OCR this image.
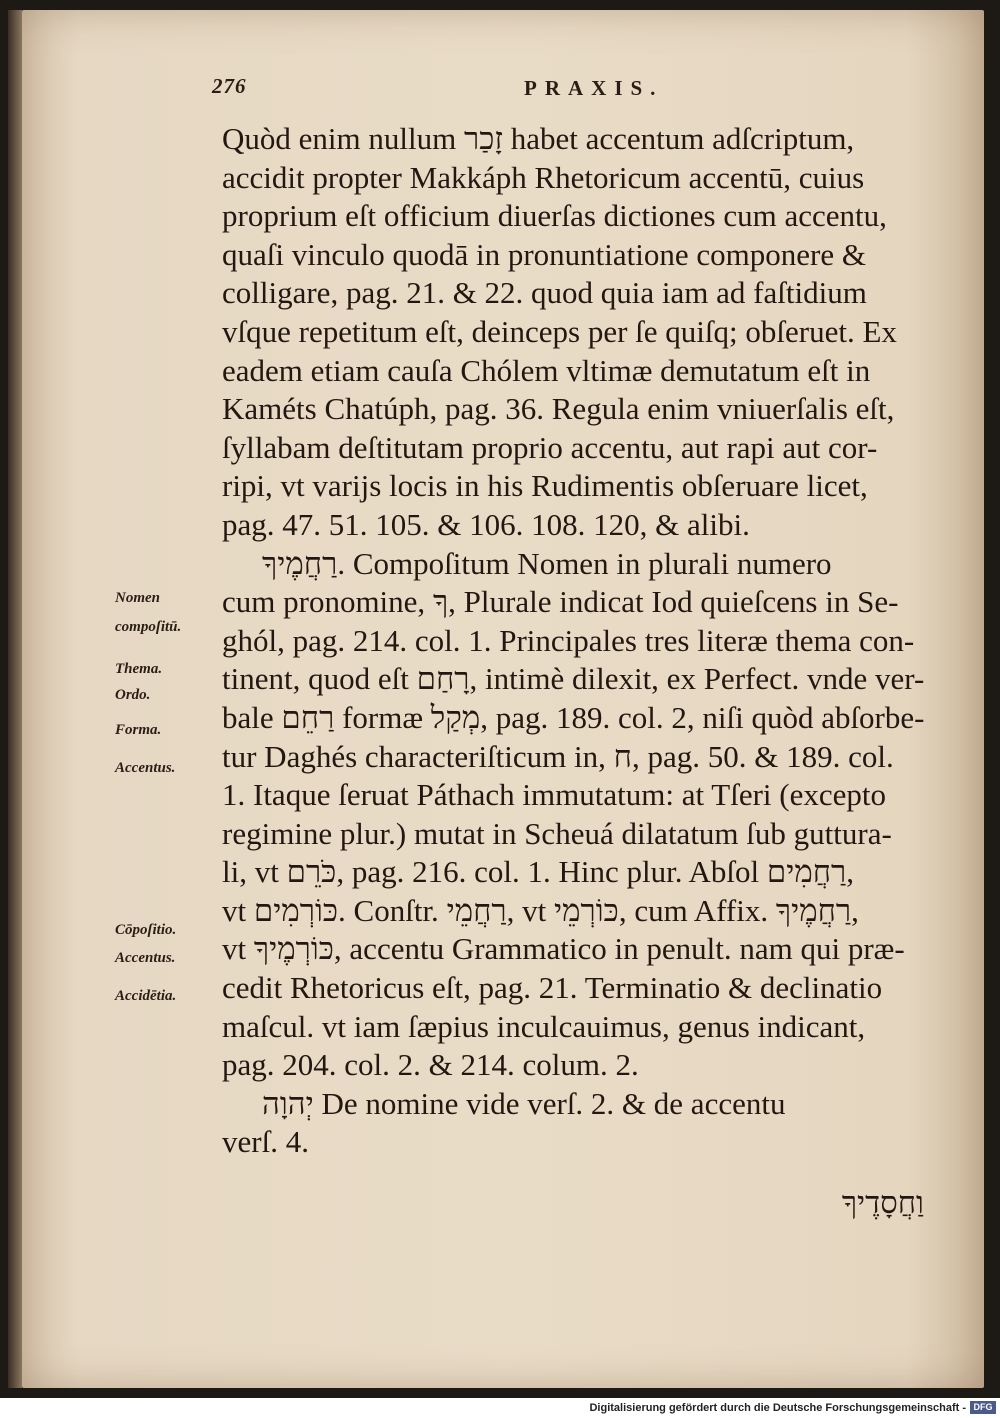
276	PRAXIS.
Quòd enim nullum זָכַר habet accentum adſcriptum,
accidit propter Makkáph Rhetoricum accentū, cuius
proprium eſt officium diuerſas dictiones cum accentu,
quaſi vinculo quodā in pronuntiatione componere &
colligare, pag. 21. & 22. quod quia iam ad faſtidium
vſque repetitum eſt, deinceps per ſe quiſq; obſeruet. Ex
eadem etiam cauſa Chólem vltimæ demutatum eſt in
Kaméts Chatúph, pag. 36. Regula enim vniuerſalis eſt,
ſyllabam deſtitutam proprio accentu, aut rapi aut cor-
ripi, vt varijs locis in his Rudimentis obſeruare licet,
pag. 47. 51. 105. & 106. 108. 120, & alibi.
רַחֲמֶיךָ. Compoſitum Nomen in plurali numero
cum pronomine, ךָ, Plurale indicat Iod quieſcens in Se-
ghól, pag. 214. col. 1. Principales tres literæ thema con-
tinent, quod eſt רָחַם, intimè dilexit, ex Perfect. vnde ver-
bale רַחֵם formæ מְקַל, pag. 189. col. 2, niſi quòd abſorbe-
tur Daghés characteriſticum in, ח, pag. 50. & 189. col.
1. Itaque ſeruat Páthach immutatum: at Tſeri (excepto
regimine plur.) mutat in Scheuá dilatatum ſub guttura-
li, vt כֹּרֵם, pag. 216. col. 1. Hinc plur. Abſol רַחֲמִים,
vt כּוֹרְמִים. Conſtr. רַחֲמֵי, vt כּוֹרְמֵי, cum Affix. רַחֲמֶיךָ,
vt כּוֹרְמֶיךָ, accentu Grammatico in penult. nam qui præ-
cedit Rhetoricus eſt, pag. 21. Terminatio & declinatio
maſcul. vt iam ſæpius inculcauimus, genus indicant,
pag. 204. col. 2. & 214. colum. 2.
יְהוָה De nomine vide verſ. 2. & de accentu
verſ. 4.
וַחֲסָדֶיךָ
Nomen
compoſitū.
Thema.
Ordo.
Forma.
Accentus.
Cōpoſitio.
Accentus.
Accidētia.
Digitalisierung gefördert durch die Deutsche Forschungsgemeinschaft - DFG
